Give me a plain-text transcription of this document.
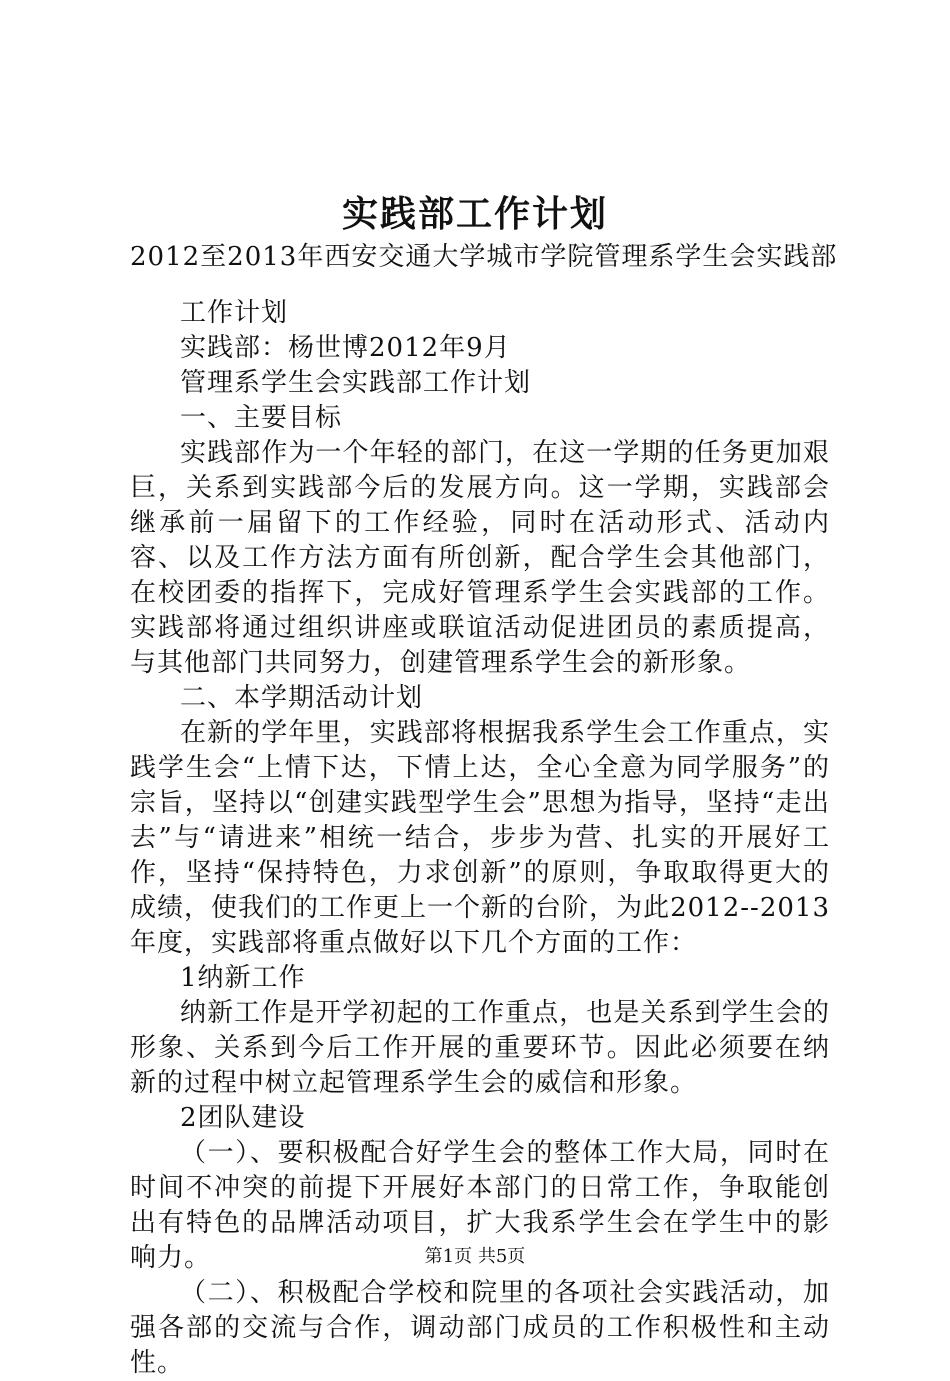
实践部工作计划
2012至2013年西安交通大学城市学院管理系学生会实践部

工作计划

实践部：杨世博2012年9月

管理系学生会实践部工作计划

一、主要目标

实践部作为一个年轻的部门，在这一学期的任务更加艰巨，关系到实践部今后的发展方向。这一学期，实践部会继承前一届留下的工作经验，同时在活动形式、活动内容、以及工作方法方面有所创新，配合学生会其他部门，在校团委的指挥下，完成好管理系学生会实践部的工作。实践部将通过组织讲座或联谊活动促进团员的素质提高，与其他部门共同努力，创建管理系学生会的新形象。

二、本学期活动计划

在新的学年里，实践部将根据我系学生会工作重点，实践学生会“上情下达，下情上达，全心全意为同学服务”的宗旨，坚持以“创建实践型学生会”思想为指导，坚持“走出去”与“请进来”相统一结合，步步为营、扎实的开展好工作，坚持“保持特色，力求创新”的原则，争取取得更大的成绩，使我们的工作更上一个新的台阶，为此2012--2013年度，实践部将重点做好以下几个方面的工作：

1纳新工作

纳新工作是开学初起的工作重点，也是关系到学生会的形象、关系到今后工作开展的重要环节。因此必须要在纳新的过程中树立起管理系学生会的威信和形象。

2团队建设

（一）、要积极配合好学生会的整体工作大局，同时在时间不冲突的前提下开展好本部门的日常工作，争取能创出有特色的品牌活动项目，扩大我系学生会在学生中的影响力。

（二）、积极配合学校和院里的各项社会实践活动，加强各部的交流与合作，调动部门成员的工作积极性和主动性。

第1页 共5页
